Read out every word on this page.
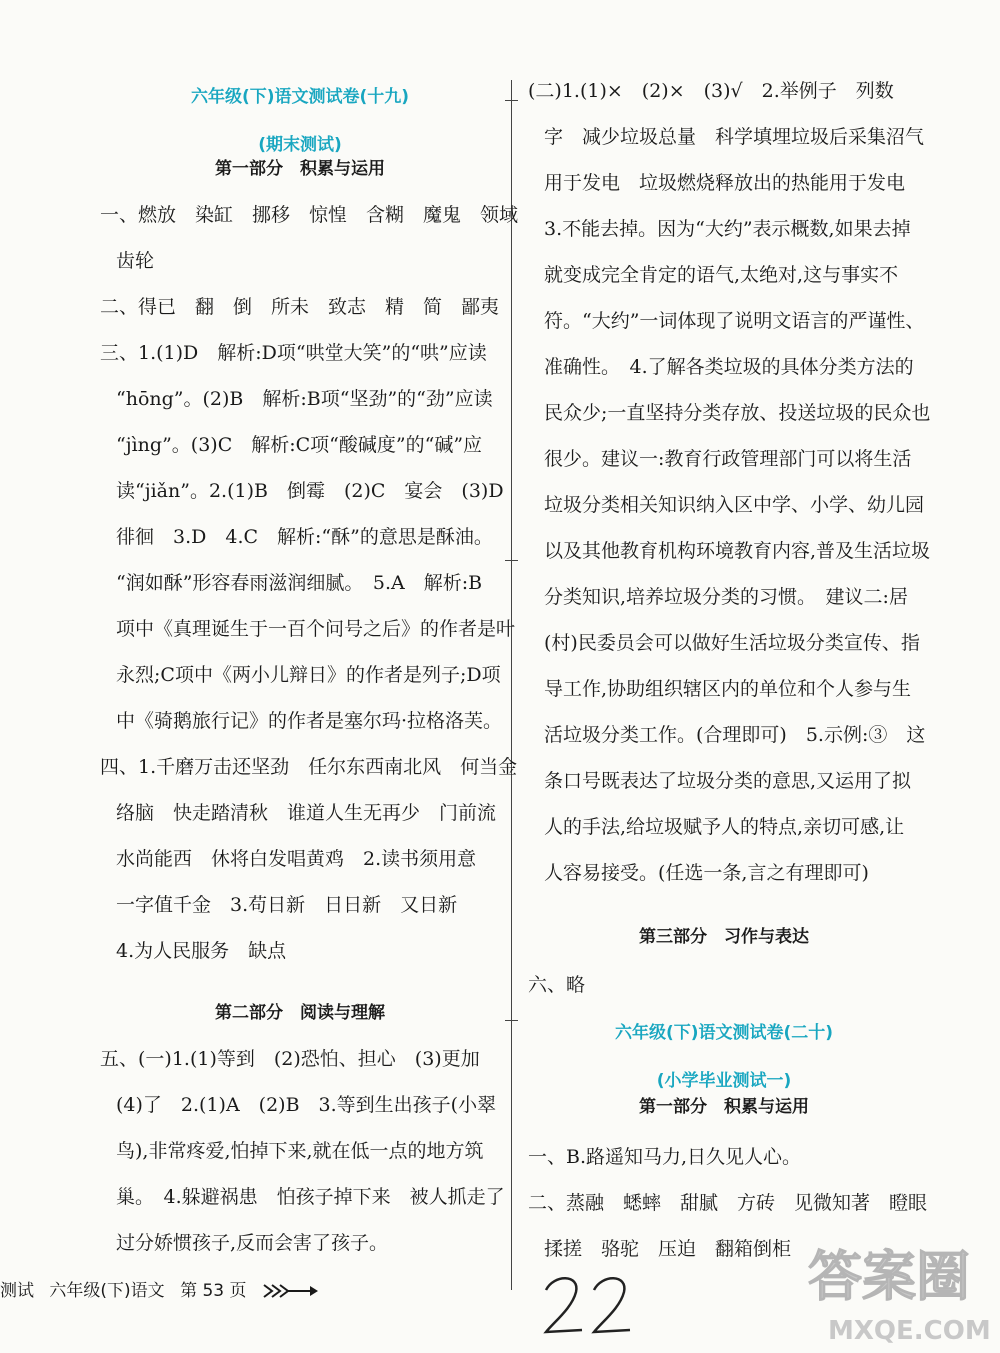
六年级(下)语文测试卷(十九)
(期末测试)
第一部分　积累与运用
一、燃放　染缸　挪移　惊惶　含糊　魔鬼　领域
齿轮
二、得已　翻　倒　所未　致志　精　简　鄙夷
三、1.(1)D　解析:D项“哄堂大笑”的“哄”应读
“hōng”。(2)B　解析:B项“坚劲”的“劲”应读
“jìng”。(3)C　解析:C项“酸碱度”的“碱”应
读“jiǎn”。2.(1)B　倒霉　(2)C　宴会　(3)D
徘徊　3.D　4.C　解析:“酥”的意思是酥油。
“润如酥”形容春雨滋润细腻。　5.A　解析:B
项中《真理诞生于一百个问号之后》的作者是叶
永烈;C项中《两小儿辩日》的作者是列子;D项
中《骑鹅旅行记》的作者是塞尔玛·拉格洛芙。
四、1.千磨万击还坚劲　任尔东西南北风　何当金
络脑　快走踏清秋　谁道人生无再少　门前流
水尚能西　休将白发唱黄鸡　2.读书须用意
一字值千金　3.苟日新　日日新　又日新
4.为人民服务　缺点
第二部分　阅读与理解
五、(一)1.(1)等到　(2)恐怕、担心　(3)更加
(4)了　2.(1)A　(2)B　3.等到生出孩子(小翠
鸟),非常疼爱,怕掉下来,就在低一点的地方筑
巢。　4.躲避祸患　怕孩子掉下来　被人抓走了
过分娇惯孩子,反而会害了孩子。
(二)1.(1)×　(2)×　(3)√　2.举例子　列数
字　减少垃圾总量　科学填埋垃圾后采集沼气
用于发电　垃圾燃烧释放出的热能用于发电
3.不能去掉。因为“大约”表示概数,如果去掉
就变成完全肯定的语气,太绝对,这与事实不
符。“大约”一词体现了说明文语言的严谨性、
准确性。　4.了解各类垃圾的具体分类方法的
民众少;一直坚持分类存放、投送垃圾的民众也
很少。建议一:教育行政管理部门可以将生活
垃圾分类相关知识纳入区中学、小学、幼儿园
以及其他教育机构环境教育内容,普及生活垃圾
分类知识,培养垃圾分类的习惯。　建议二:居
(村)民委员会可以做好生活垃圾分类宣传、指
导工作,协助组织辖区内的单位和个人参与生
活垃圾分类工作。(合理即可)　5.示例:③　这
条口号既表达了垃圾分类的意思,又运用了拟
人的手法,给垃圾赋予人的特点,亲切可感,让
人容易接受。(任选一条,言之有理即可)
第三部分　习作与表达
六、略
六年级(下)语文测试卷(二十)
(小学毕业测试一)
第一部分　积累与运用
一、B.路遥知马力,日久见人心。
二、蒸融　蟋蟀　甜腻　方砖　见微知著　瞪眼
揉搓　骆驼　压迫　翻箱倒柜
测试 六年级(下)语文 第 53 页	答案圈
MXQE.COM
